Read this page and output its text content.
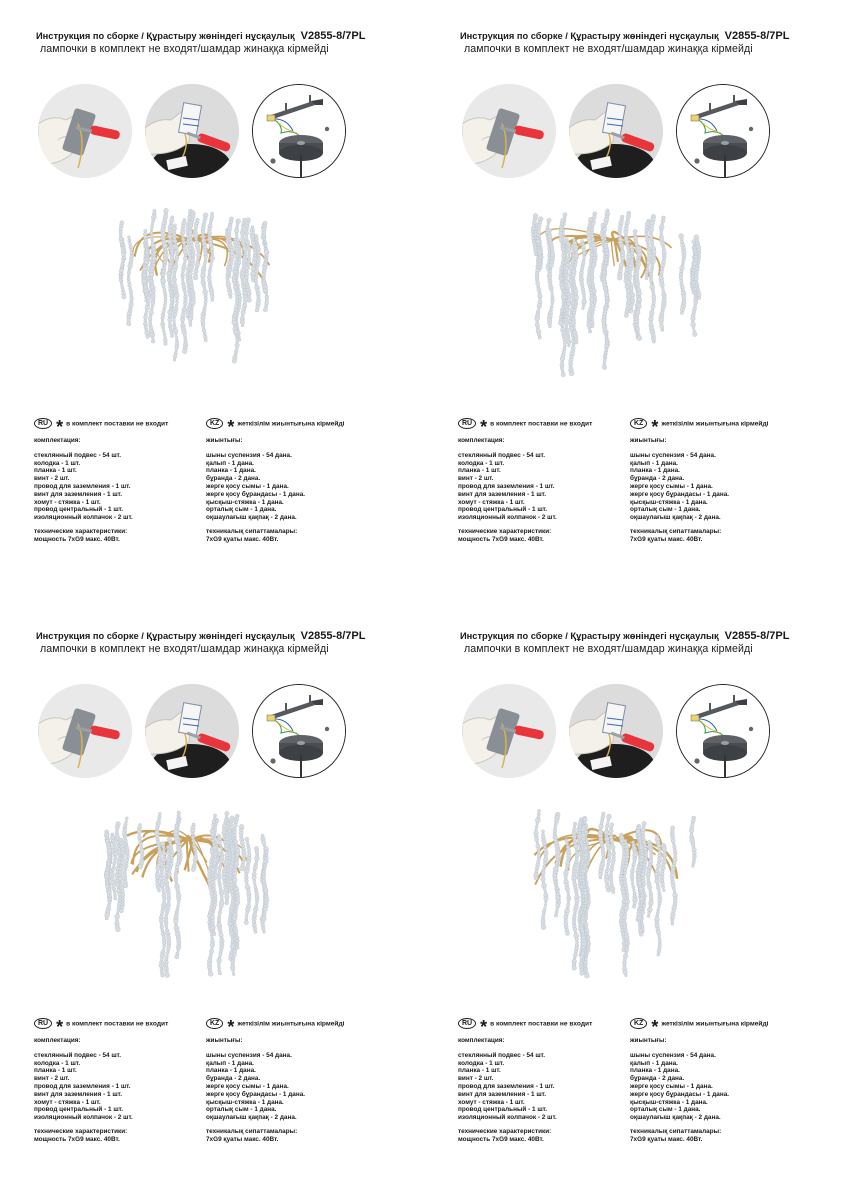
Инструкция по сборке / Құрастыру жөніндегі нұсқаулық V2855-8/7PL
лампочки в комплект не входят/шамдар жинаққа кірмейді
RU * в комплект поставки не входит	KZ * жеткізілім жиынтығына кірмейді
комплектация:
стеклянный подвес - 54 шт.
колодка - 1 шт.
планка - 1 шт.
винт - 2 шт.
провод для заземления - 1 шт.
винт для заземления - 1 шт.
хомут - стяжка - 1 шт.
провод центральный - 1 шт.
изоляционный колпачок - 2 шт.
технические характеристики:
мощность 7xG9 макс. 40Вт.
жиынтығы:
шыны суспензия - 54 дана.
қалып - 1 дана.
планка - 1 дана.
бұранда - 2 дана.
жерге қосу сымы - 1 дана.
жерге қосу бұрандасы - 1 дана.
қысқыш-стяжка - 1 дана.
орталық сым - 1 дана.
оқшаулағыш қақпақ - 2 дана.
техникалық сипаттамалары:
7xG9 қуаты макс. 40Вт.
Инструкция по сборке / Құрастыру жөніндегі нұсқаулық V2855-8/7PL
лампочки в комплект не входят/шамдар жинаққа кірмейді
RU * в комплект поставки не входит	KZ * жеткізілім жиынтығына кірмейді
комплектация:
стеклянный подвес - 54 шт.
колодка - 1 шт.
планка - 1 шт.
винт - 2 шт.
провод для заземления - 1 шт.
винт для заземления - 1 шт.
хомут - стяжка - 1 шт.
провод центральный - 1 шт.
изоляционный колпачок - 2 шт.
технические характеристики:
мощность 7xG9 макс. 40Вт.
жиынтығы:
шыны суспензия - 54 дана.
қалып - 1 дана.
планка - 1 дана.
бұранда - 2 дана.
жерге қосу сымы - 1 дана.
жерге қосу бұрандасы - 1 дана.
қысқыш-стяжка - 1 дана.
орталық сым - 1 дана.
оқшаулағыш қақпақ - 2 дана.
техникалық сипаттамалары:
7xG9 қуаты макс. 40Вт.
Инструкция по сборке / Құрастыру жөніндегі нұсқаулық V2855-8/7PL
лампочки в комплект не входят/шамдар жинаққа кірмейді
RU * в комплект поставки не входит	KZ * жеткізілім жиынтығына кірмейді
комплектация:
стеклянный подвес - 54 шт.
колодка - 1 шт.
планка - 1 шт.
винт - 2 шт.
провод для заземления - 1 шт.
винт для заземления - 1 шт.
хомут - стяжка - 1 шт.
провод центральный - 1 шт.
изоляционный колпачок - 2 шт.
технические характеристики:
мощность 7xG9 макс. 40Вт.
жиынтығы:
шыны суспензия - 54 дана.
қалып - 1 дана.
планка - 1 дана.
бұранда - 2 дана.
жерге қосу сымы - 1 дана.
жерге қосу бұрандасы - 1 дана.
қысқыш-стяжка - 1 дана.
орталық сым - 1 дана.
оқшаулағыш қақпақ - 2 дана.
техникалық сипаттамалары:
7xG9 қуаты макс. 40Вт.
Инструкция по сборке / Құрастыру жөніндегі нұсқаулық V2855-8/7PL
лампочки в комплект не входят/шамдар жинаққа кірмейді
RU * в комплект поставки не входит	KZ * жеткізілім жиынтығына кірмейді
комплектация:
стеклянный подвес - 54 шт.
колодка - 1 шт.
планка - 1 шт.
винт - 2 шт.
провод для заземления - 1 шт.
винт для заземления - 1 шт.
хомут - стяжка - 1 шт.
провод центральный - 1 шт.
изоляционный колпачок - 2 шт.
технические характеристики:
мощность 7xG9 макс. 40Вт.
жиынтығы:
шыны суспензия - 54 дана.
қалып - 1 дана.
планка - 1 дана.
бұранда - 2 дана.
жерге қосу сымы - 1 дана.
жерге қосу бұрандасы - 1 дана.
қысқыш-стяжка - 1 дана.
орталық сым - 1 дана.
оқшаулағыш қақпақ - 2 дана.
техникалық сипаттамалары:
7xG9 қуаты макс. 40Вт.
